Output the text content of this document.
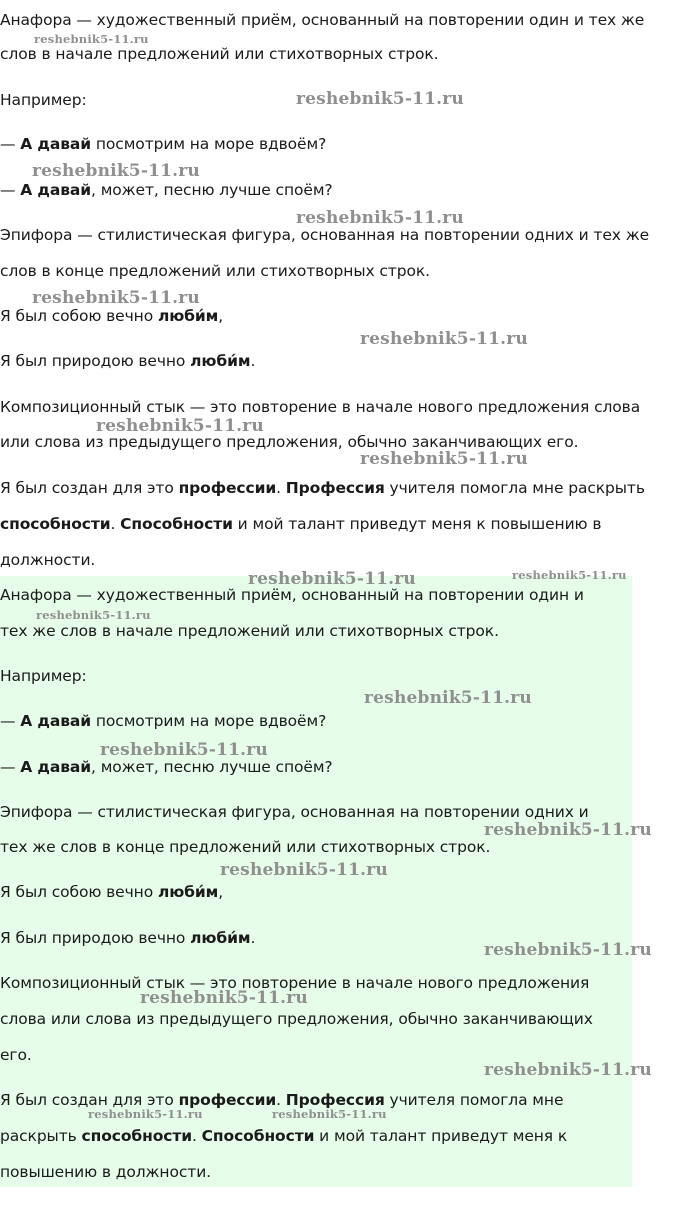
Анафора — художественный приём, основанный на повторении один и тех же

слов в начале предложений или стихотворных строк.

Например:

— А давай посмотрим на море вдвоём?

— А давай, может, песню лучше споём?

Эпифора — стилистическая фигура, основанная на повторении одних и тех же

слов в конце предложений или стихотворных строк.

Я был собою вечно люби́м,

Я был природою вечно люби́м.

Композиционный стык — это повторение в начале нового предложения слова

или слова из предыдущего предложения, обычно заканчивающих его.

Я был создан для это профессии. Профессия учителя помогла мне раскрыть

способности. Способности и мой талант приведут меня к повышению в

должности.

Анафора — художественный приём, основанный на повторении один и

тех же слов в начале предложений или стихотворных строк.

Например:

— А давай посмотрим на море вдвоём?

— А давай, может, песню лучше споём?

Эпифора — стилистическая фигура, основанная на повторении одних и

тех же слов в конце предложений или стихотворных строк.

Я был собою вечно люби́м,

Я был природою вечно люби́м.

Композиционный стык — это повторение в начале нового предложения

слова или слова из предыдущего предложения, обычно заканчивающих

его.

Я был создан для это профессии. Профессия учителя помогла мне

раскрыть способности. Способности и мой талант приведут меня к

повышению в должности.

reshebnik5-11.ru
reshebnik5-11.ru
reshebnik5-11.ru
reshebnik5-11.ru
reshebnik5-11.ru
reshebnik5-11.ru
reshebnik5-11.ru
reshebnik5-11.ru
reshebnik5-11.ru	reshebnik5-11.ru
reshebnik5-11.ru
reshebnik5-11.ru
reshebnik5-11.ru
reshebnik5-11.ru
reshebnik5-11.ru
reshebnik5-11.ru
reshebnik5-11.ru
reshebnik5-11.ru
reshebnik5-11.ru	reshebnik5-11.ru
